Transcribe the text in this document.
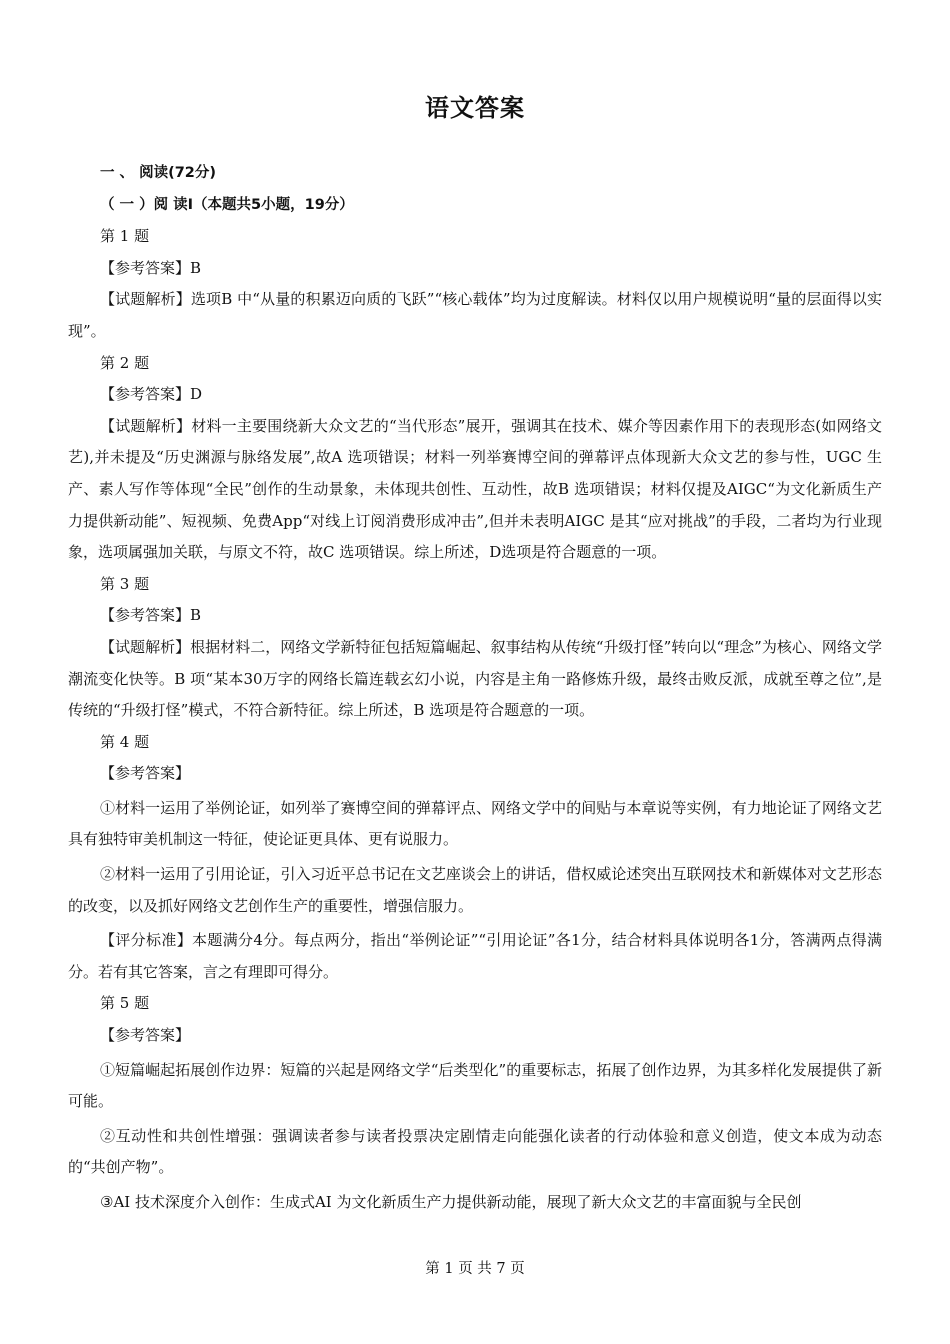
语文答案

一 、 阅读(72分)

（ 一 ）阅 读I（本题共5小题，19分）

第 1 题

【参考答案】B

【试题解析】选项B 中“从量的积累迈向质的飞跃”“核心载体”均为过度解读。材料仅以用户规模说明“量的层面得以实现”。

第 2 题

【参考答案】D

【试题解析】材料一主要围绕新大众文艺的“当代形态”展开，强调其在技术、媒介等因素作用下的表现形态(如网络文艺),并未提及“历史渊源与脉络发展”,故A 选项错误；材料一列举赛博空间的弹幕评点体现新大众文艺的参与性，UGC 生产、素人写作等体现“全民”创作的生动景象，未体现共创性、互动性，故B 选项错误；材料仅提及AIGC“为文化新质生产力提供新动能”、短视频、免费App“对线上订阅消费形成冲击”,但并未表明AIGC 是其“应对挑战”的手段，二者均为行业现象，选项属强加关联，与原文不符，故C 选项错误。综上所述，D选项是符合题意的一项。

第 3 题

【参考答案】B

【试题解析】根据材料二，网络文学新特征包括短篇崛起、叙事结构从传统“升级打怪”转向以“理念”为核心、网络文学潮流变化快等。B 项“某本30万字的网络长篇连载玄幻小说，内容是主角一路修炼升级，最终击败反派，成就至尊之位”,是传统的“升级打怪”模式，不符合新特征。综上所述，B 选项是符合题意的一项。

第 4 题

【参考答案】

①材料一运用了举例论证，如列举了赛博空间的弹幕评点、网络文学中的间贴与本章说等实例，有力地论证了网络文艺具有独特审美机制这一特征，使论证更具体、更有说服力。

②材料一运用了引用论证，引入习近平总书记在文艺座谈会上的讲话，借权威论述突出互联网技术和新媒体对文艺形态的改变，以及抓好网络文艺创作生产的重要性，增强信服力。

【评分标准】本题满分4分。每点两分，指出“举例论证”“引用论证”各1分，结合材料具体说明各1分，答满两点得满分。若有其它答案，言之有理即可得分。

第 5 题

【参考答案】

①短篇崛起拓展创作边界：短篇的兴起是网络文学“后类型化”的重要标志，拓展了创作边界，为其多样化发展提供了新可能。

②互动性和共创性增强：强调读者参与读者投票决定剧情走向能强化读者的行动体验和意义创造，使文本成为动态的“共创产物”。

③AI 技术深度介入创作：生成式AI 为文化新质生产力提供新动能，展现了新大众文艺的丰富面貌与全民创

第 1 页 共 7 页
